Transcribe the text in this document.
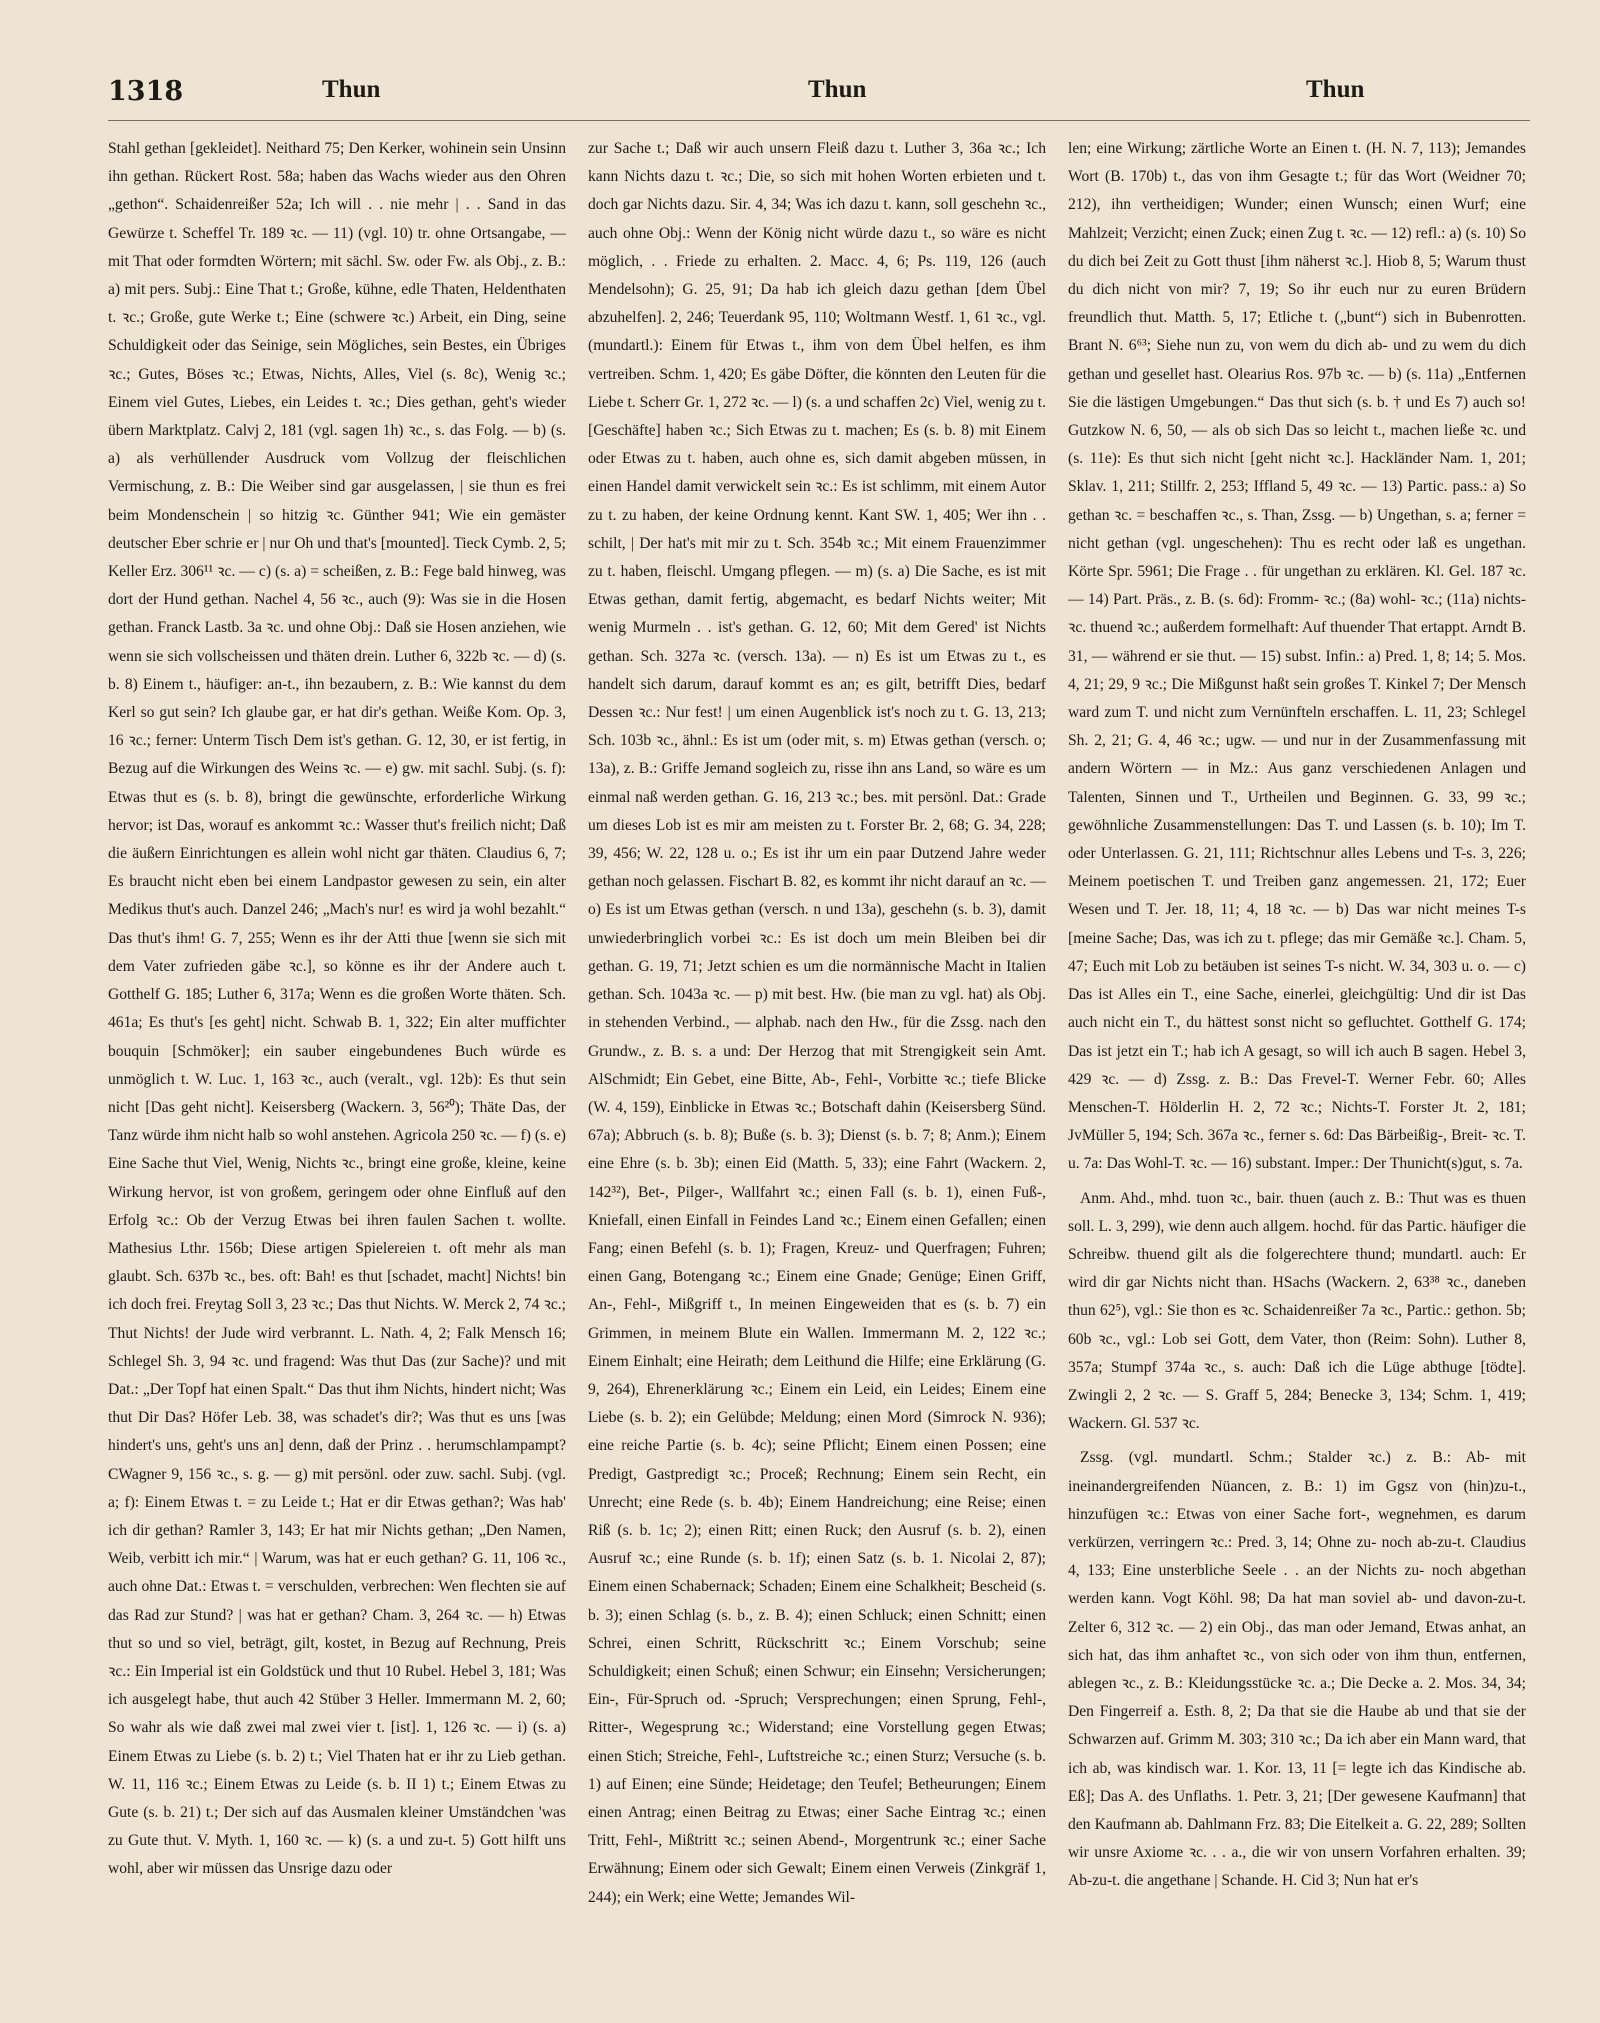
1318	Thun	Thun	Thun

Stahl gethan [gekleidet]. Neithard 75; Den Kerker, wohinein sein Unsinn ihn gethan. Rückert Rost. 58a; haben das Wachs wieder aus den Ohren „gethon“. Schaidenreißer 52a; Ich will . . nie mehr | . . Sand in das Gewürze t. Scheffel Tr. 189 ꝛc. — 11) (vgl. 10) tr. ohne Ortsangabe, — mit That oder formdten Wörtern; mit sächl. Sw. oder Fw. als Obj., z. B.: a) mit pers. Subj.: Eine That t.; Große, kühne, edle Thaten, Heldenthaten t. ꝛc.; Große, gute Werke t.; Eine (schwere ꝛc.) Arbeit, ein Ding, seine Schuldigkeit oder das Seinige, sein Mögliches, sein Bestes, ein Übriges ꝛc.; Gutes, Böses ꝛc.; Etwas, Nichts, Alles, Viel (s. 8c), Wenig ꝛc.; Einem viel Gutes, Liebes, ein Leides t. ꝛc.; Dies gethan, geht's wieder übern Marktplatz. Calvj 2, 181 (vgl. sagen 1h) ꝛc., s. das Folg. — b) (s. a) als verhüllender Ausdruck vom Vollzug der fleischlichen Vermischung, z. B.: Die Weiber sind gar ausgelassen, | sie thun es frei beim Mondenschein | so hitzig ꝛc. Günther 941; Wie ein gemäster deutscher Eber schrie er | nur Oh und that's [mounted]. Tieck Cymb. 2, 5; Keller Erz. 306¹¹ ꝛc. — c) (s. a) = scheißen, z. B.: Fege bald hinweg, was dort der Hund gethan. Nachel 4, 56 ꝛc., auch (9): Was sie in die Hosen gethan. Franck Lastb. 3a ꝛc. und ohne Obj.: Daß sie Hosen anziehen, wie wenn sie sich vollscheissen und thäten drein. Luther 6, 322b ꝛc. — d) (s. b. 8) Einem t., häufiger: an-t., ihn bezaubern, z. B.: Wie kannst du dem Kerl so gut sein? Ich glaube gar, er hat dir's gethan. Weiße Kom. Op. 3, 16 ꝛc.; ferner: Unterm Tisch Dem ist's gethan. G. 12, 30, er ist fertig, in Bezug auf die Wirkungen des Weins ꝛc. — e) gw. mit sachl. Subj. (s. f): Etwas thut es (s. b. 8), bringt die gewünschte, erforderliche Wirkung hervor; ist Das, worauf es ankommt ꝛc.: Wasser thut's freilich nicht; Daß die äußern Einrichtungen es allein wohl nicht gar thäten. Claudius 6, 7; Es braucht nicht eben bei einem Landpastor gewesen zu sein, ein alter Medikus thut's auch. Danzel 246; „Mach's nur! es wird ja wohl bezahlt.“ Das thut's ihm! G. 7, 255; Wenn es ihr der Atti thue [wenn sie sich mit dem Vater zufrieden gäbe ꝛc.], so könne es ihr der Andere auch t. Gotthelf G. 185; Luther 6, 317a; Wenn es die großen Worte thäten. Sch. 461a; Es thut's [es geht] nicht. Schwab B. 1, 322; Ein alter muffichter bouquin [Schmöker]; ein sauber eingebundenes Buch würde es unmöglich t. W. Luc. 1, 163 ꝛc., auch (veralt., vgl. 12b): Es thut sein nicht [Das geht nicht]. Keisersberg (Wackern. 3, 56²⁰); Thäte Das, der Tanz würde ihm nicht halb so wohl anstehen. Agricola 250 ꝛc. — f) (s. e) Eine Sache thut Viel, Wenig, Nichts ꝛc., bringt eine große, kleine, keine Wirkung hervor, ist von großem, geringem oder ohne Einfluß auf den Erfolg ꝛc.: Ob der Verzug Etwas bei ihren faulen Sachen t. wollte. Mathesius Lthr. 156b; Diese artigen Spielereien t. oft mehr als man glaubt. Sch. 637b ꝛc., bes. oft: Bah! es thut [schadet, macht] Nichts! bin ich doch frei. Freytag Soll 3, 23 ꝛc.; Das thut Nichts. W. Merck 2, 74 ꝛc.; Thut Nichts! der Jude wird verbrannt. L. Nath. 4, 2; Falk Mensch 16; Schlegel Sh. 3, 94 ꝛc. und fragend: Was thut Das (zur Sache)? und mit Dat.: „Der Topf hat einen Spalt.“ Das thut ihm Nichts, hindert nicht; Was thut Dir Das? Höfer Leb. 38, was schadet's dir?; Was thut es uns [was hindert's uns, geht's uns an] denn, daß der Prinz . . herumschlampampt? CWagner 9, 156 ꝛc., s. g. — g) mit persönl. oder zuw. sachl. Subj. (vgl. a; f): Einem Etwas t. = zu Leide t.; Hat er dir Etwas gethan?; Was hab' ich dir gethan? Ramler 3, 143; Er hat mir Nichts gethan; „Den Namen, Weib, verbitt ich mir.“ | Warum, was hat er euch gethan? G. 11, 106 ꝛc., auch ohne Dat.: Etwas t. = verschulden, verbrechen: Wen flechten sie auf das Rad zur Stund? | was hat er gethan? Cham. 3, 264 ꝛc. — h) Etwas thut so und so viel, beträgt, gilt, kostet, in Bezug auf Rechnung, Preis ꝛc.: Ein Imperial ist ein Goldstück und thut 10 Rubel. Hebel 3, 181; Was ich ausgelegt habe, thut auch 42 Stüber 3 Heller. Immermann M. 2, 60; So wahr als wie daß zwei mal zwei vier t. [ist]. 1, 126 ꝛc. — i) (s. a) Einem Etwas zu Liebe (s. b. 2) t.; Viel Thaten hat er ihr zu Lieb gethan. W. 11, 116 ꝛc.; Einem Etwas zu Leide (s. b. II 1) t.; Einem Etwas zu Gute (s. b. 21) t.; Der sich auf das Ausmalen kleiner Umständchen 'was zu Gute thut. V. Myth. 1, 160 ꝛc. — k) (s. a und zu-t. 5) Gott hilft uns wohl, aber wir müssen das Unsrige dazu oder

zur Sache t.; Daß wir auch unsern Fleiß dazu t. Luther 3, 36a ꝛc.; Ich kann Nichts dazu t. ꝛc.; Die, so sich mit hohen Worten erbieten und t. doch gar Nichts dazu. Sir. 4, 34; Was ich dazu t. kann, soll geschehn ꝛc., auch ohne Obj.: Wenn der König nicht würde dazu t., so wäre es nicht möglich, . . Friede zu erhalten. 2. Macc. 4, 6; Ps. 119, 126 (auch Mendelsohn); G. 25, 91; Da hab ich gleich dazu gethan [dem Übel abzuhelfen]. 2, 246; Teuerdank 95, 110; Woltmann Westf. 1, 61 ꝛc., vgl. (mundartl.): Einem für Etwas t., ihm von dem Übel helfen, es ihm vertreiben. Schm. 1, 420; Es gäbe Döfter, die könnten den Leuten für die Liebe t. Scherr Gr. 1, 272 ꝛc. — l) (s. a und schaffen 2c) Viel, wenig zu t. [Geschäfte] haben ꝛc.; Sich Etwas zu t. machen; Es (s. b. 8) mit Einem oder Etwas zu t. haben, auch ohne es, sich damit abgeben müssen, in einen Handel damit verwickelt sein ꝛc.: Es ist schlimm, mit einem Autor zu t. zu haben, der keine Ordnung kennt. Kant SW. 1, 405; Wer ihn . . schilt, | Der hat's mit mir zu t. Sch. 354b ꝛc.; Mit einem Frauenzimmer zu t. haben, fleischl. Umgang pflegen. — m) (s. a) Die Sache, es ist mit Etwas gethan, damit fertig, abgemacht, es bedarf Nichts weiter; Mit wenig Murmeln . . ist's gethan. G. 12, 60; Mit dem Gered' ist Nichts gethan. Sch. 327a ꝛc. (versch. 13a). — n) Es ist um Etwas zu t., es handelt sich darum, darauf kommt es an; es gilt, betrifft Dies, bedarf Dessen ꝛc.: Nur fest! | um einen Augenblick ist's noch zu t. G. 13, 213; Sch. 103b ꝛc., ähnl.: Es ist um (oder mit, s. m) Etwas gethan (versch. o; 13a), z. B.: Griffe Jemand sogleich zu, risse ihn ans Land, so wäre es um einmal naß werden gethan. G. 16, 213 ꝛc.; bes. mit persönl. Dat.: Grade um dieses Lob ist es mir am meisten zu t. Forster Br. 2, 68; G. 34, 228; 39, 456; W. 22, 128 u. o.; Es ist ihr um ein paar Dutzend Jahre weder gethan noch gelassen. Fischart B. 82, es kommt ihr nicht darauf an ꝛc. — o) Es ist um Etwas gethan (versch. n und 13a), geschehn (s. b. 3), damit unwiederbringlich vorbei ꝛc.: Es ist doch um mein Bleiben bei dir gethan. G. 19, 71; Jetzt schien es um die normännische Macht in Italien gethan. Sch. 1043a ꝛc. — p) mit best. Hw. (bie man zu vgl. hat) als Obj. in stehenden Verbind., — alphab. nach den Hw., für die Zssg. nach den Grundw., z. B. s. a und: Der Herzog that mit Strengigkeit sein Amt. AlSchmidt; Ein Gebet, eine Bitte, Ab-, Fehl-, Vorbitte ꝛc.; tiefe Blicke (W. 4, 159), Einblicke in Etwas ꝛc.; Botschaft dahin (Keisersberg Sünd. 67a); Abbruch (s. b. 8); Buße (s. b. 3); Dienst (s. b. 7; 8; Anm.); Einem eine Ehre (s. b. 3b); einen Eid (Matth. 5, 33); eine Fahrt (Wackern. 2, 142³²), Bet-, Pilger-, Wallfahrt ꝛc.; einen Fall (s. b. 1), einen Fuß-, Kniefall, einen Einfall in Feindes Land ꝛc.; Einem einen Gefallen; einen Fang; einen Befehl (s. b. 1); Fragen, Kreuz- und Querfragen; Fuhren; einen Gang, Botengang ꝛc.; Einem eine Gnade; Genüge; Einen Griff, An-, Fehl-, Mißgriff t., In meinen Eingeweiden that es (s. b. 7) ein Grimmen, in meinem Blute ein Wallen. Immermann M. 2, 122 ꝛc.; Einem Einhalt; eine Heirath; dem Leithund die Hilfe; eine Erklärung (G. 9, 264), Ehrenerklärung ꝛc.; Einem ein Leid, ein Leides; Einem eine Liebe (s. b. 2); ein Gelübde; Meldung; einen Mord (Simrock N. 936); eine reiche Partie (s. b. 4c); seine Pflicht; Einem einen Possen; eine Predigt, Gastpredigt ꝛc.; Proceß; Rechnung; Einem sein Recht, ein Unrecht; eine Rede (s. b. 4b); Einem Handreichung; eine Reise; einen Riß (s. b. 1c; 2); einen Ritt; einen Ruck; den Ausruf (s. b. 2), einen Ausruf ꝛc.; eine Runde (s. b. 1f); einen Satz (s. b. 1. Nicolai 2, 87); Einem einen Schabernack; Schaden; Einem eine Schalkheit; Bescheid (s. b. 3); einen Schlag (s. b., z. B. 4); einen Schluck; einen Schnitt; einen Schrei, einen Schritt, Rückschritt ꝛc.; Einem Vorschub; seine Schuldigkeit; einen Schuß; einen Schwur; ein Einsehn; Versicherungen; Ein-, Für-Spruch od. -Spruch; Versprechungen; einen Sprung, Fehl-, Ritter-, Wegesprung ꝛc.; Widerstand; eine Vorstellung gegen Etwas; einen Stich; Streiche, Fehl-, Luftstreiche ꝛc.; einen Sturz; Versuche (s. b. 1) auf Einen; eine Sünde; Heidetage; den Teufel; Betheurungen; Einem einen Antrag; einen Beitrag zu Etwas; einer Sache Eintrag ꝛc.; einen Tritt, Fehl-, Mißtritt ꝛc.; seinen Abend-, Morgentrunk ꝛc.; einer Sache Erwähnung; Einem oder sich Gewalt; Einem einen Verweis (Zinkgräf 1, 244); ein Werk; eine Wette; Jemandes Wil-

len; eine Wirkung; zärtliche Worte an Einen t. (H. N. 7, 113); Jemandes Wort (B. 170b) t., das von ihm Gesagte t.; für das Wort (Weidner 70; 212), ihn vertheidigen; Wunder; einen Wunsch; einen Wurf; eine Mahlzeit; Verzicht; einen Zuck; einen Zug t. ꝛc. — 12) refl.: a) (s. 10) So du dich bei Zeit zu Gott thust [ihm näherst ꝛc.]. Hiob 8, 5; Warum thust du dich nicht von mir? 7, 19; So ihr euch nur zu euren Brüdern freundlich thut. Matth. 5, 17; Etliche t. („bunt“) sich in Bubenrotten. Brant N. 6⁶³; Siehe nun zu, von wem du dich ab- und zu wem du dich gethan und gesellet hast. Olearius Ros. 97b ꝛc. — b) (s. 11a) „Entfernen Sie die lästigen Umgebungen.“ Das thut sich (s. b. † und Es 7) auch so! Gutzkow N. 6, 50, — als ob sich Das so leicht t., machen ließe ꝛc. und (s. 11e): Es thut sich nicht [geht nicht ꝛc.]. Hackländer Nam. 1, 201; Sklav. 1, 211; Stillfr. 2, 253; Iffland 5, 49 ꝛc. — 13) Partic. pass.: a) So gethan ꝛc. = beschaffen ꝛc., s. Than, Zssg. — b) Ungethan, s. a; ferner = nicht gethan (vgl. ungeschehen): Thu es recht oder laß es ungethan. Körte Spr. 5961; Die Frage . . für ungethan zu erklären. Kl. Gel. 187 ꝛc. — 14) Part. Präs., z. B. (s. 6d): Fromm- ꝛc.; (8a) wohl- ꝛc.; (11a) nichts- ꝛc. thuend ꝛc.; außerdem formelhaft: Auf thuender That ertappt. Arndt B. 31, — während er sie thut. — 15) subst. Infin.: a) Pred. 1, 8; 14; 5. Mos. 4, 21; 29, 9 ꝛc.; Die Mißgunst haßt sein großes T. Kinkel 7; Der Mensch ward zum T. und nicht zum Vernünfteln erschaffen. L. 11, 23; Schlegel Sh. 2, 21; G. 4, 46 ꝛc.; ugw. — und nur in der Zusammenfassung mit andern Wörtern — in Mz.: Aus ganz verschiedenen Anlagen und Talenten, Sinnen und T., Urtheilen und Beginnen. G. 33, 99 ꝛc.; gewöhnliche Zusammenstellungen: Das T. und Lassen (s. b. 10); Im T. oder Unterlassen. G. 21, 111; Richtschnur alles Lebens und T-s. 3, 226; Meinem poetischen T. und Treiben ganz angemessen. 21, 172; Euer Wesen und T. Jer. 18, 11; 4, 18 ꝛc. — b) Das war nicht meines T-s [meine Sache; Das, was ich zu t. pflege; das mir Gemäße ꝛc.]. Cham. 5, 47; Euch mit Lob zu betäuben ist seines T-s nicht. W. 34, 303 u. o. — c) Das ist Alles ein T., eine Sache, einerlei, gleichgültig: Und dir ist Das auch nicht ein T., du hättest sonst nicht so gefluchtet. Gotthelf G. 174; Das ist jetzt ein T.; hab ich A gesagt, so will ich auch B sagen. Hebel 3, 429 ꝛc. — d) Zssg. z. B.: Das Frevel-T. Werner Febr. 60; Alles Menschen-T. Hölderlin H. 2, 72 ꝛc.; Nichts-T. Forster Jt. 2, 181; JvMüller 5, 194; Sch. 367a ꝛc., ferner s. 6d: Das Bärbeißig-, Breit- ꝛc. T. u. 7a: Das Wohl-T. ꝛc. — 16) substant. Imper.: Der Thunicht(s)gut, s. 7a.

Anm. Ahd., mhd. tuon ꝛc., bair. thuen (auch z. B.: Thut was es thuen soll. L. 3, 299), wie denn auch allgem. hochd. für das Partic. häufiger die Schreibw. thuend gilt als die folgerechtere thund; mundartl. auch: Er wird dir gar Nichts nicht than. HSachs (Wackern. 2, 63³⁸ ꝛc., daneben thun 62⁵), vgl.: Sie thon es ꝛc. Schaidenreißer 7a ꝛc., Partic.: gethon. 5b; 60b ꝛc., vgl.: Lob sei Gott, dem Vater, thon (Reim: Sohn). Luther 8, 357a; Stumpf 374a ꝛc., s. auch: Daß ich die Lüge abthuge [tödte]. Zwingli 2, 2 ꝛc. — S. Graff 5, 284; Benecke 3, 134; Schm. 1, 419; Wackern. Gl. 537 ꝛc.

Zssg. (vgl. mundartl. Schm.; Stalder ꝛc.) z. B.: Ab- mit ineinandergreifenden Nüancen, z. B.: 1) im Ggsz von (hin)zu-t., hinzufügen ꝛc.: Etwas von einer Sache fort-, wegnehmen, es darum verkürzen, verringern ꝛc.: Pred. 3, 14; Ohne zu- noch ab-zu-t. Claudius 4, 133; Eine unsterbliche Seele . . an der Nichts zu- noch abgethan werden kann. Vogt Köhl. 98; Da hat man soviel ab- und davon-zu-t. Zelter 6, 312 ꝛc. — 2) ein Obj., das man oder Jemand, Etwas anhat, an sich hat, das ihm anhaftet ꝛc., von sich oder von ihm thun, entfernen, ablegen ꝛc., z. B.: Kleidungsstücke ꝛc. a.; Die Decke a. 2. Mos. 34, 34; Den Fingerreif a. Esth. 8, 2; Da that sie die Haube ab und that sie der Schwarzen auf. Grimm M. 303; 310 ꝛc.; Da ich aber ein Mann ward, that ich ab, was kindisch war. 1. Kor. 13, 11 [= legte ich das Kindische ab. Eß]; Das A. des Unflaths. 1. Petr. 3, 21; [Der gewesene Kaufmann] that den Kaufmann ab. Dahlmann Frz. 83; Die Eitelkeit a. G. 22, 289; Sollten wir unsre Axiome ꝛc. . . a., die wir von unsern Vorfahren erhalten. 39; Ab-zu-t. die angethane | Schande. H. Cid 3; Nun hat er's
